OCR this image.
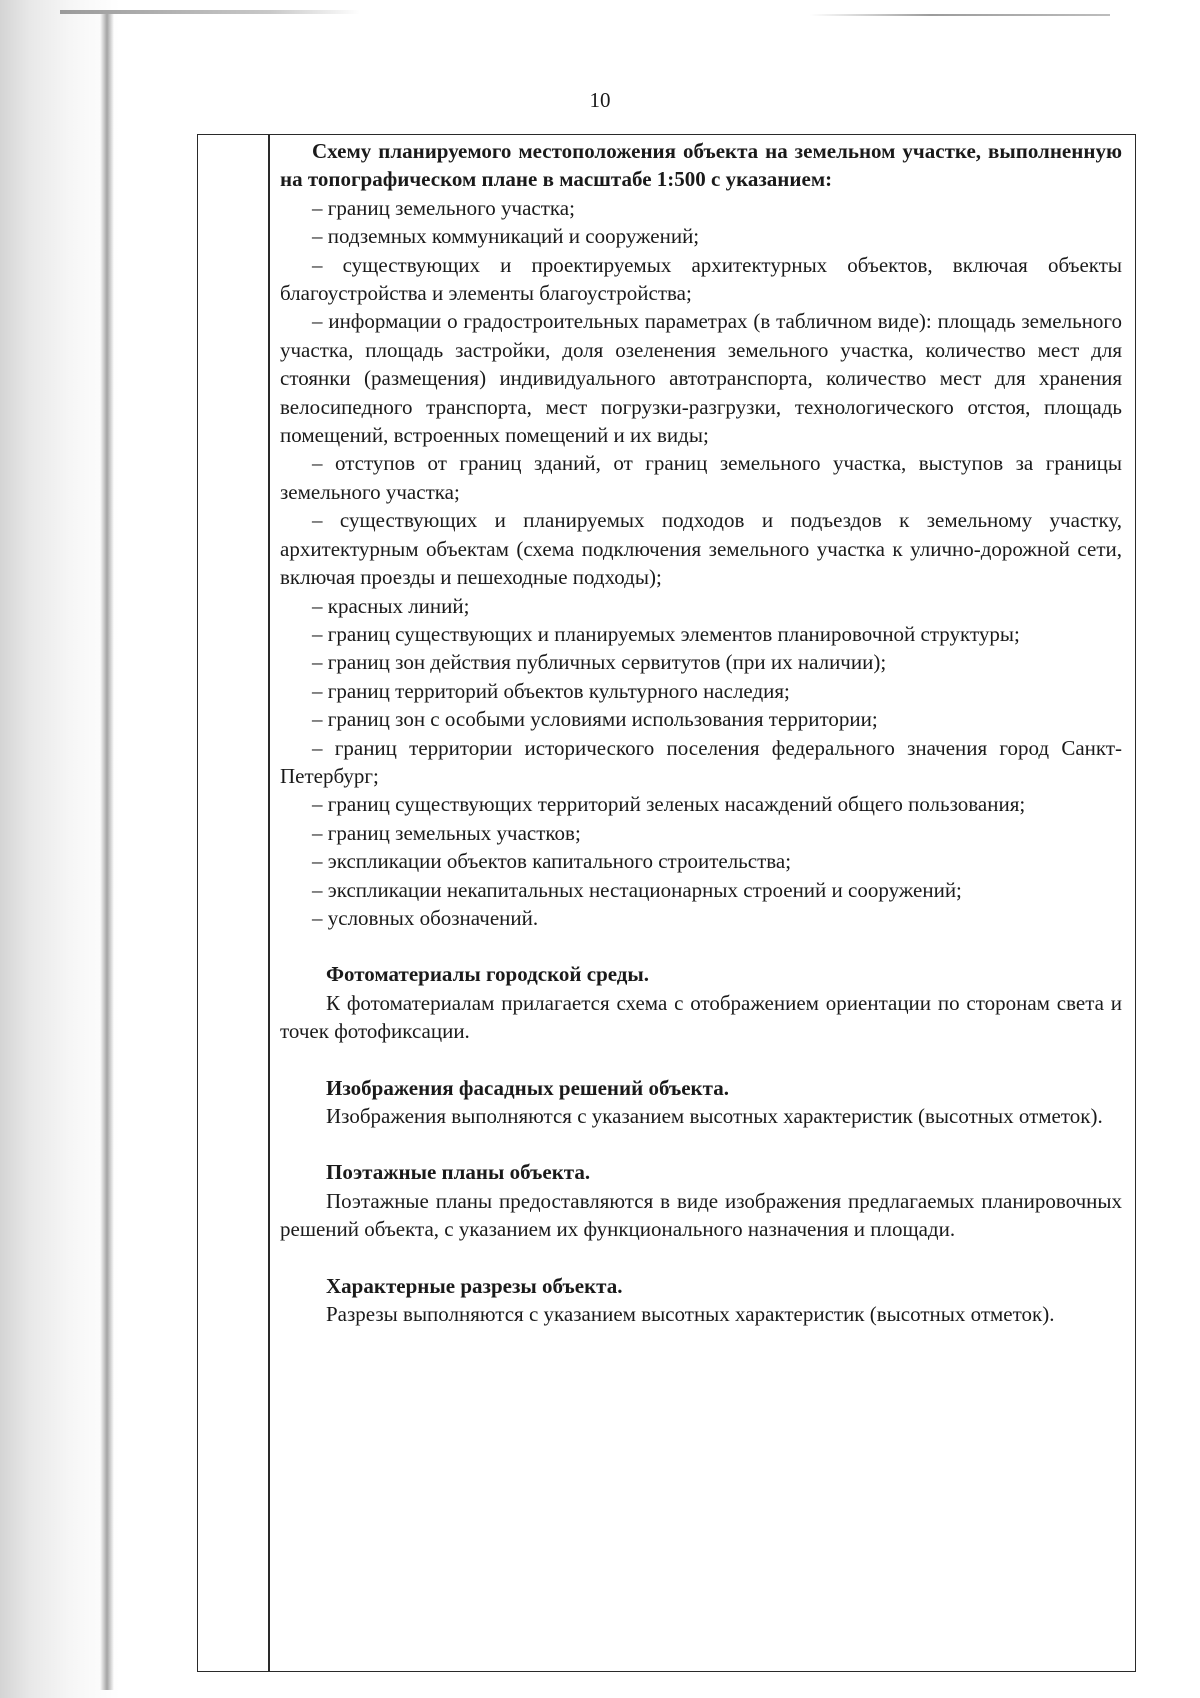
10

Схему планируемого местоположения объекта на земельном участке, выполненную на топографическом плане в масштабе 1:500 с указанием:

– границ земельного участка;

– подземных коммуникаций и сооружений;

– существующих и проектируемых архитектурных объектов, включая объекты благоустройства и элементы благоустройства;

– информации о градостроительных параметрах (в табличном виде): площадь земельного участка, площадь застройки, доля озеленения земельного участка, количество мест для стоянки (размещения) индивидуального автотранспорта, количество мест для хранения велосипедного транспорта, мест погрузки-разгрузки, технологического отстоя, площадь помещений, встроенных помещений и их виды;

– отступов от границ зданий, от границ земельного участка, выступов за границы земельного участка;

– существующих и планируемых подходов и подъездов к земельному участку, архитектурным объектам (схема подключения земельного участка к улично-дорожной сети, включая проезды и пешеходные подходы);

– красных линий;

– границ существующих и планируемых элементов планировочной структуры;

– границ зон действия публичных сервитутов (при их наличии);

– границ территорий объектов культурного наследия;

– границ зон с особыми условиями использования территории;

– границ территории исторического поселения федерального значения город Санкт-Петербург;

– границ существующих территорий зеленых насаждений общего пользования;

– границ земельных участков;

– экспликации объектов капитального строительства;

– экспликации некапитальных нестационарных строений и сооружений;

– условных обозначений.

Фотоматериалы городской среды.

К фотоматериалам прилагается схема с отображением ориентации по сторонам света и точек фотофиксации.

Изображения фасадных решений объекта.

Изображения выполняются с указанием высотных характеристик (высотных отметок).

Поэтажные планы объекта.

Поэтажные планы предоставляются в виде изображения предлагаемых планировочных решений объекта, с указанием их функционального назначения и площади.

Характерные разрезы объекта.

Разрезы выполняются с указанием высотных характеристик (высотных отметок).
